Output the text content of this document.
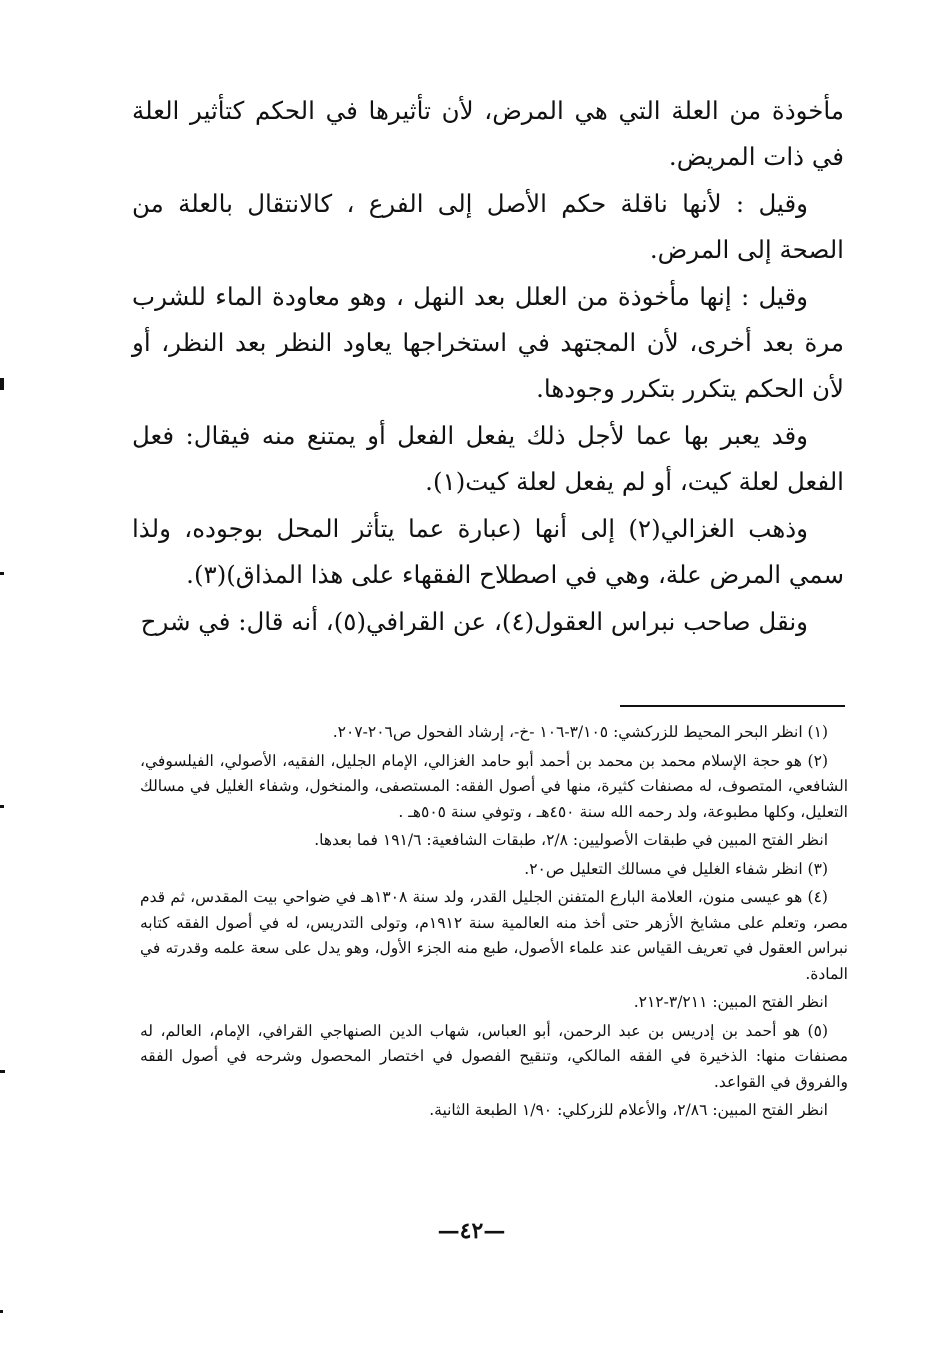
مأخوذة من العلة التي هي المرض، لأن تأثيرها في الحكم كتأثير العلة في ذات المريض.

وقيل : لأنها ناقلة حكم الأصل إلى الفرع ، كالانتقال بالعلة من الصحة إلى المرض.

وقيل : إنها مأخوذة من العلل بعد النهل ، وهو معاودة الماء للشرب مرة بعد أخرى، لأن المجتهد في استخراجها يعاود النظر بعد النظر، أو لأن الحكم يتكرر بتكرر وجودها.

وقد يعبر بها عما لأجل ذلك يفعل الفعل أو يمتنع منه فيقال: فعل الفعل لعلة كيت، أو لم يفعل لعلة كيت(١).

وذهب الغزالي(٢) إلى أنها (عبارة عما يتأثر المحل بوجوده، ولذا سمي المرض علة، وهي في اصطلاح الفقهاء على هذا المذاق)(٣).

ونقل صاحب نبراس العقول(٤)، عن القرافي(٥)، أنه قال: في شرح

(١) انظر البحر المحيط للزركشي: ٣/١٠٥-١٠٦ -خ-، إرشاد الفحول ص٢٠٦-٢٠٧.

(٢) هو حجة الإسلام محمد بن محمد بن أحمد أبو حامد الغزالي، الإمام الجليل، الفقيه، الأصولي، الفيلسوفي، الشافعي، المتصوف، له مصنفات كثيرة، منها في أصول الفقه: المستصفى، والمنخول، وشفاء الغليل في مسالك التعليل، وكلها مطبوعة، ولد رحمه الله سنة ٤٥٠هـ ، وتوفي سنة ٥٠٥هـ .

انظر الفتح المبين في طبقات الأصوليين: ٢/٨، طبقات الشافعية: ١٩١/٦ فما بعدها.

(٣) انظر شفاء الغليل في مسالك التعليل ص٢٠.

(٤) هو عيسى منون، العلامة البارع المتفنن الجليل القدر، ولد سنة ١٣٠٨هـ في ضواحي بيت المقدس، ثم قدم مصر، وتعلم على مشايخ الأزهر حتى أخذ منه العالمية سنة ١٩١٢م، وتولى التدريس، له في أصول الفقه كتابه نبراس العقول في تعريف القياس عند علماء الأصول، طبع منه الجزء الأول، وهو يدل على سعة علمه وقدرته في المادة.

انظر الفتح المبين: ٣/٢١١-٢١٢.

(٥) هو أحمد بن إدريس بن عبد الرحمن، أبو العباس، شهاب الدين الصنهاجي القرافي، الإمام، العالم، له مصنفات منها: الذخيرة في الفقه المالكي، وتنقيح الفصول في اختصار المحصول وشرحه في أصول الفقه والفروق في القواعد.

انظر الفتح المبين: ٢/٨٦، والأعلام للزركلي: ١/٩٠ الطبعة الثانية.

—٤٢—
